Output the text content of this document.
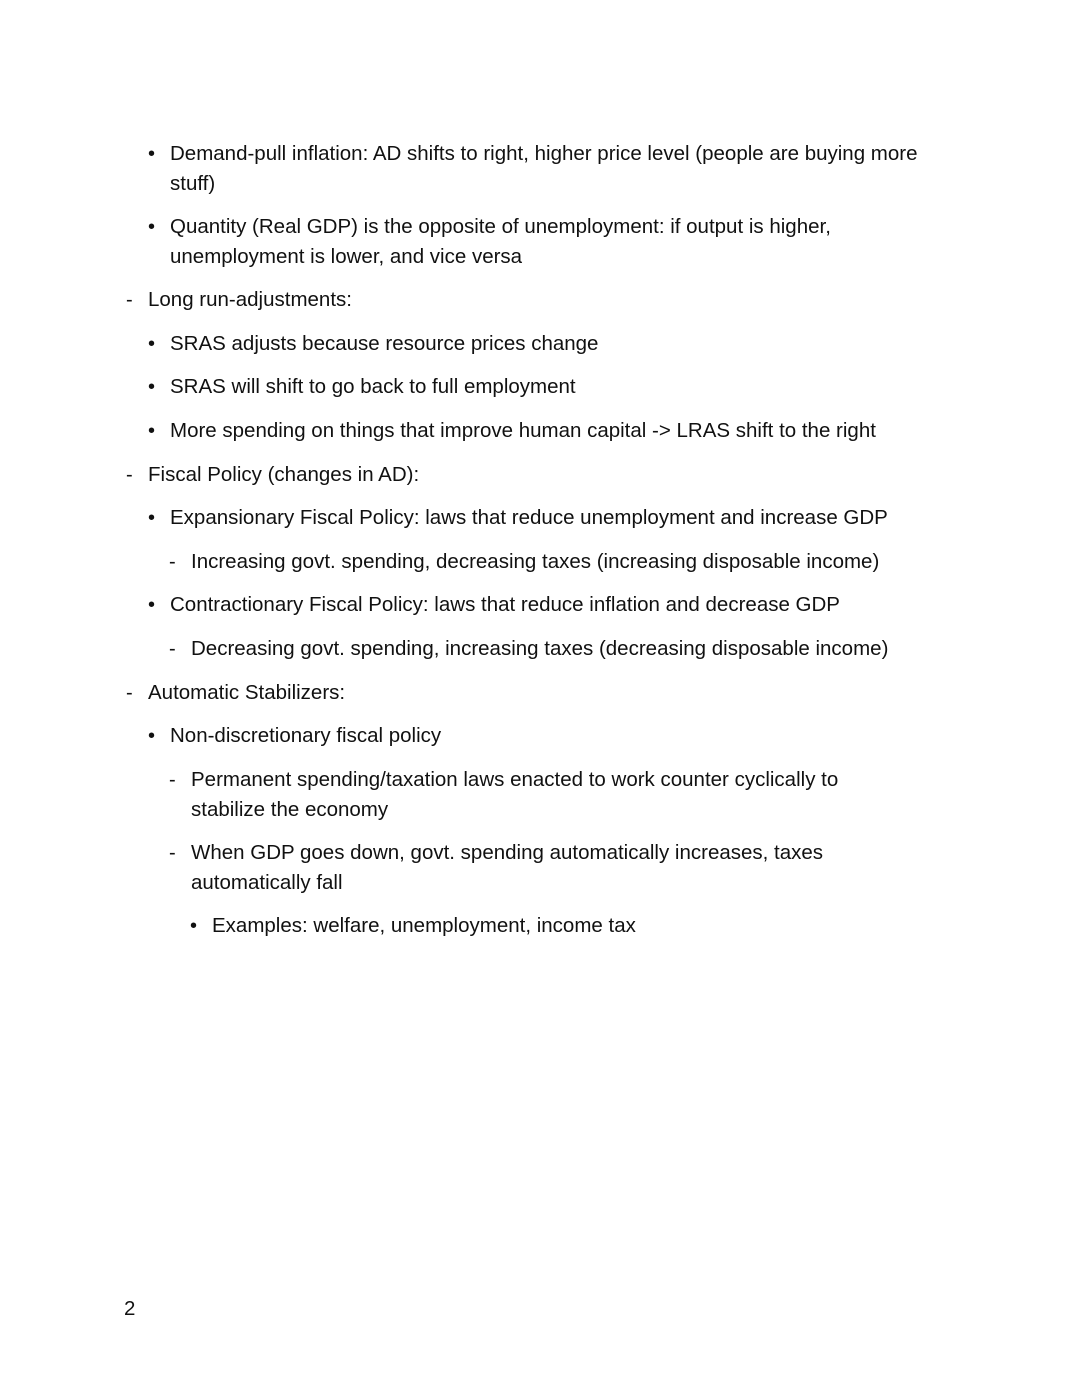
• Demand-pull inflation: AD shifts to right, higher price level (people are buying more
stuff)
• Quantity (Real GDP) is the opposite of unemployment: if output is higher,
unemployment is lower, and vice versa
- Long run-adjustments:
• SRAS adjusts because resource prices change
• SRAS will shift to go back to full employment
• More spending on things that improve human capital -> LRAS shift to the right
- Fiscal Policy (changes in AD):
• Expansionary Fiscal Policy: laws that reduce unemployment and increase GDP
- Increasing govt. spending, decreasing taxes (increasing disposable income)
• Contractionary Fiscal Policy: laws that reduce inflation and decrease GDP
- Decreasing govt. spending, increasing taxes (decreasing disposable income)
- Automatic Stabilizers:
• Non-discretionary fiscal policy
- Permanent spending/taxation laws enacted to work counter cyclically to
stabilize the economy
- When GDP goes down, govt. spending automatically increases, taxes
automatically fall
• Examples: welfare, unemployment, income tax
2
